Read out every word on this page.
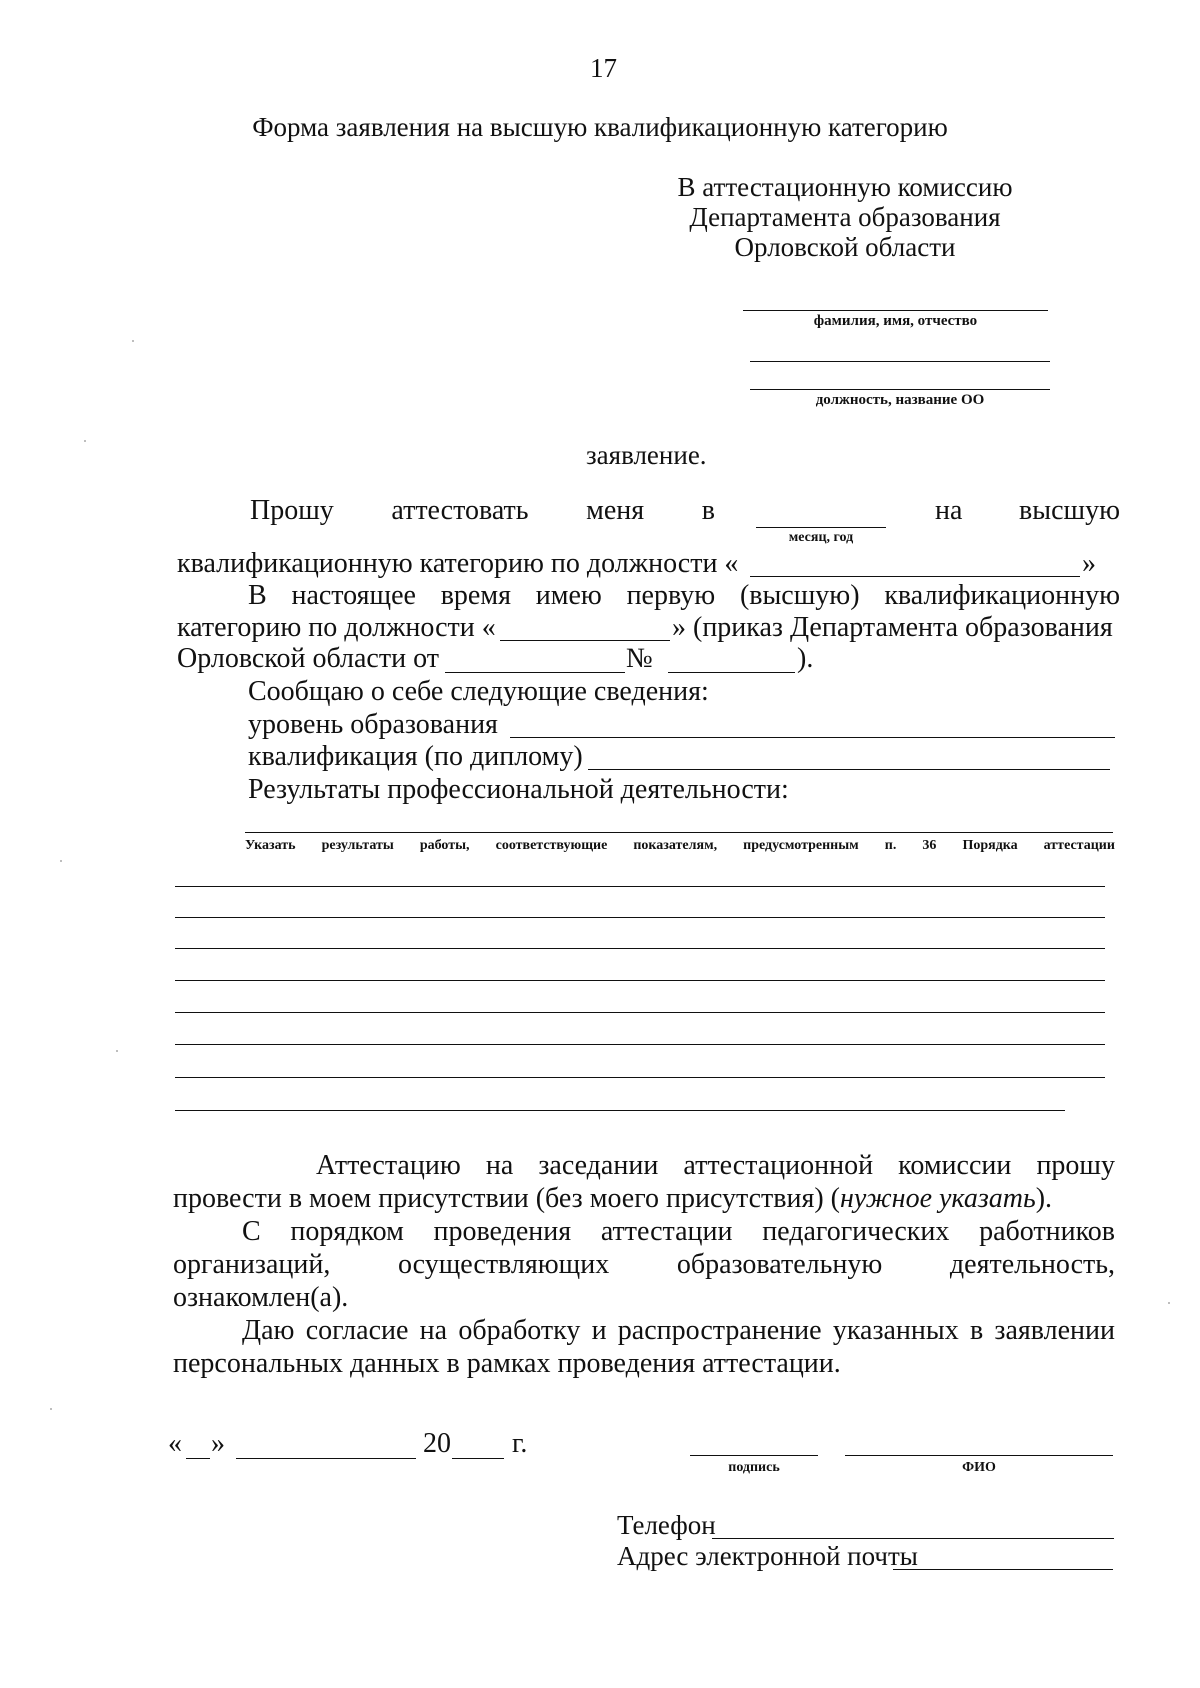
17
Форма заявления на высшую квалификационную категорию
В аттестационную комиссию
Департамента образования
Орловской области
фамилия, имя, отчество
должность, название ОО
заявление.
Прошу аттестовать меня в
месяц, год
на высшую
квалификационную категорию по должности «	»
В настоящее время имею первую (высшую) квалификационную
категорию по должности «	» (приказ Департамента образования
Орловской области от	№	).
Сообщаю о себе следующие сведения:
уровень образования
квалификация (по диплому)
Результаты профессиональной деятельности:
Указать результаты работы, соответствующие показателям, предусмотренным п. 36 Порядка аттестации
Аттестацию на заседании аттестационной комиссии прошу
провести в моем присутствии (без моего присутствия) (нужное указать).
С порядком проведения аттестации педагогических работников
организаций, осуществляющих образовательную деятельность,
ознакомлен(а).
Даю согласие на обработку и распространение указанных в заявлении
персональных данных в рамках проведения аттестации.
« »	20 г.
подпись	ФИО
Телефон
Адрес электронной почты
